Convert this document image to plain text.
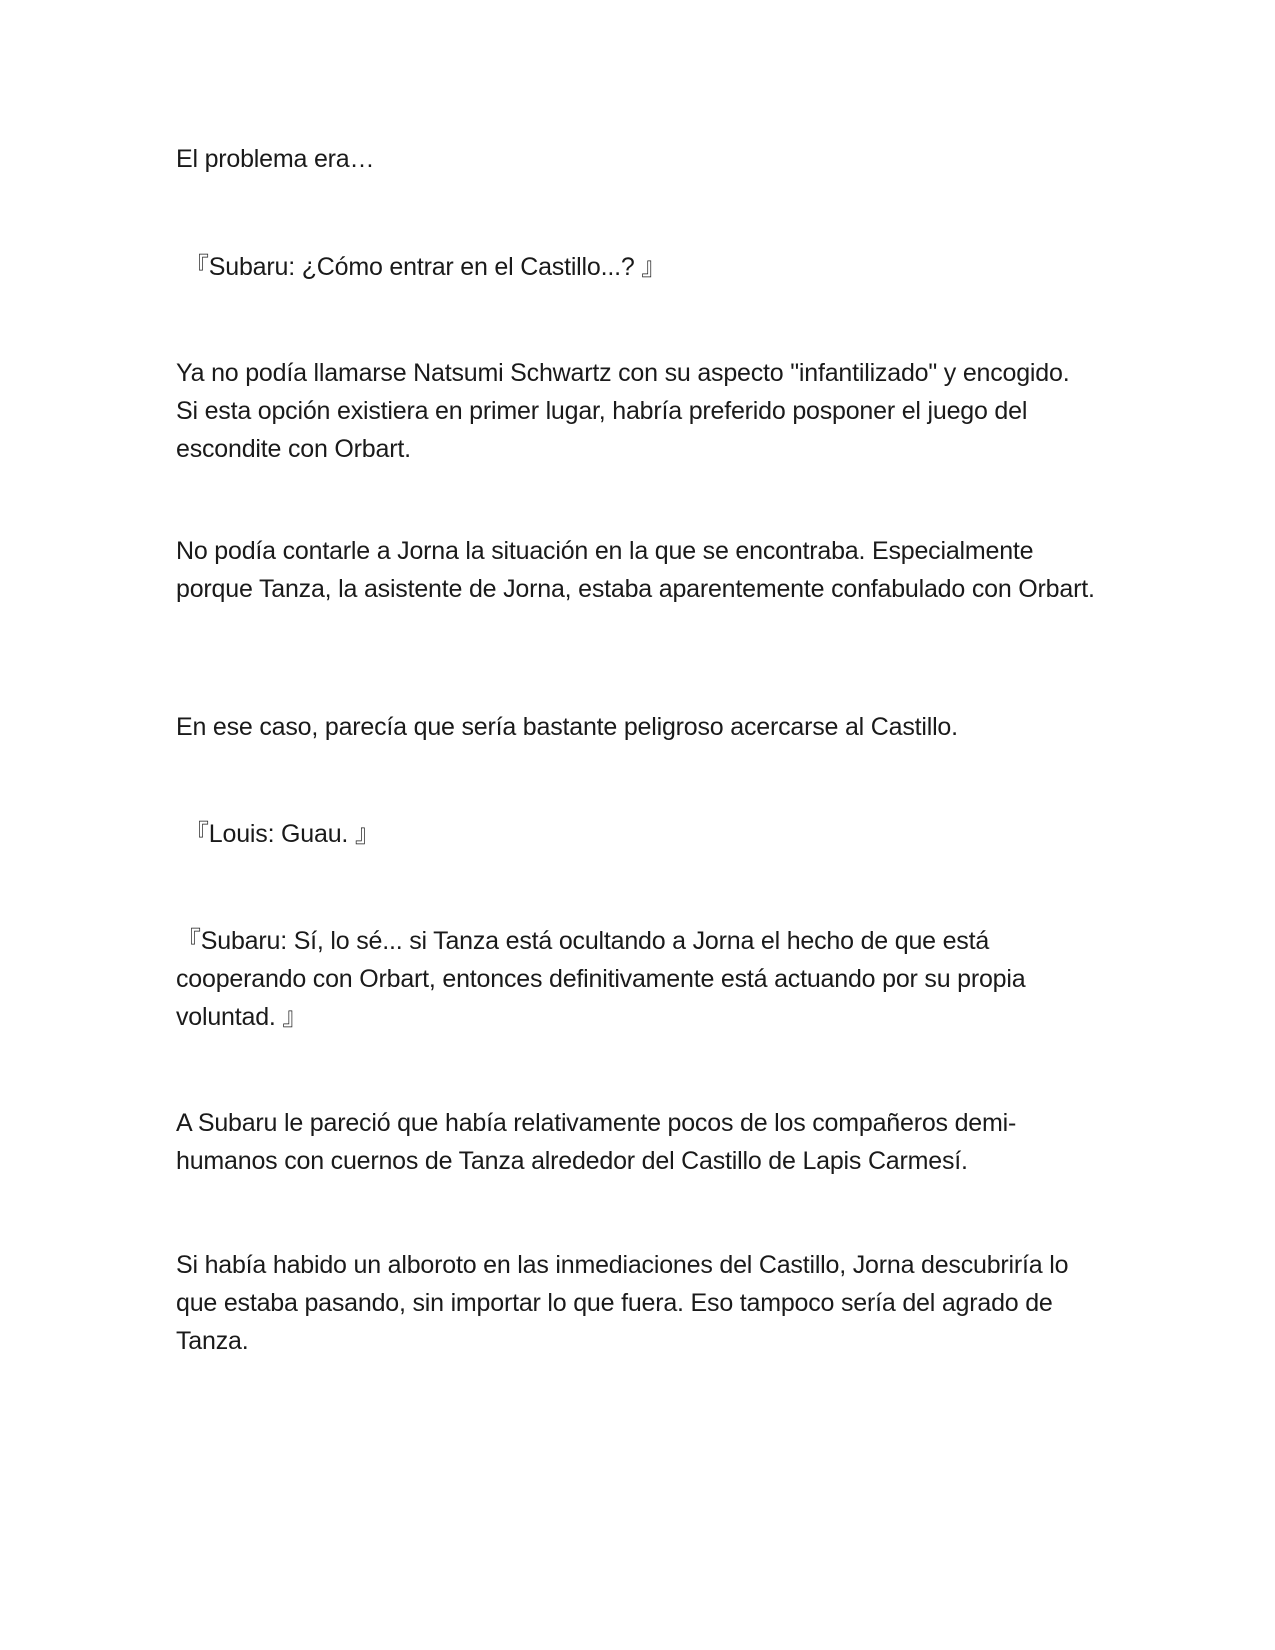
El problema era…

『Subaru: ¿Cómo entrar en el Castillo...? 』

Ya no podía llamarse Natsumi Schwartz con su aspecto "infantilizado" y encogido. Si esta opción existiera en primer lugar, habría preferido posponer el juego del escondite con Orbart.

No podía contarle a Jorna la situación en la que se encontraba. Especialmente porque Tanza, la asistente de Jorna, estaba aparentemente confabulado con Orbart.

En ese caso, parecía que sería bastante peligroso acercarse al Castillo.

『Louis: Guau. 』

『Subaru: Sí, lo sé... si Tanza está ocultando a Jorna el hecho de que está cooperando con Orbart, entonces definitivamente está actuando por su propia voluntad. 』

A Subaru le pareció que había relativamente pocos de los compañeros demi-humanos con cuernos de Tanza alrededor del Castillo de Lapis Carmesí.

Si había habido un alboroto en las inmediaciones del Castillo, Jorna descubriría lo que estaba pasando, sin importar lo que fuera. Eso tampoco sería del agrado de Tanza.
